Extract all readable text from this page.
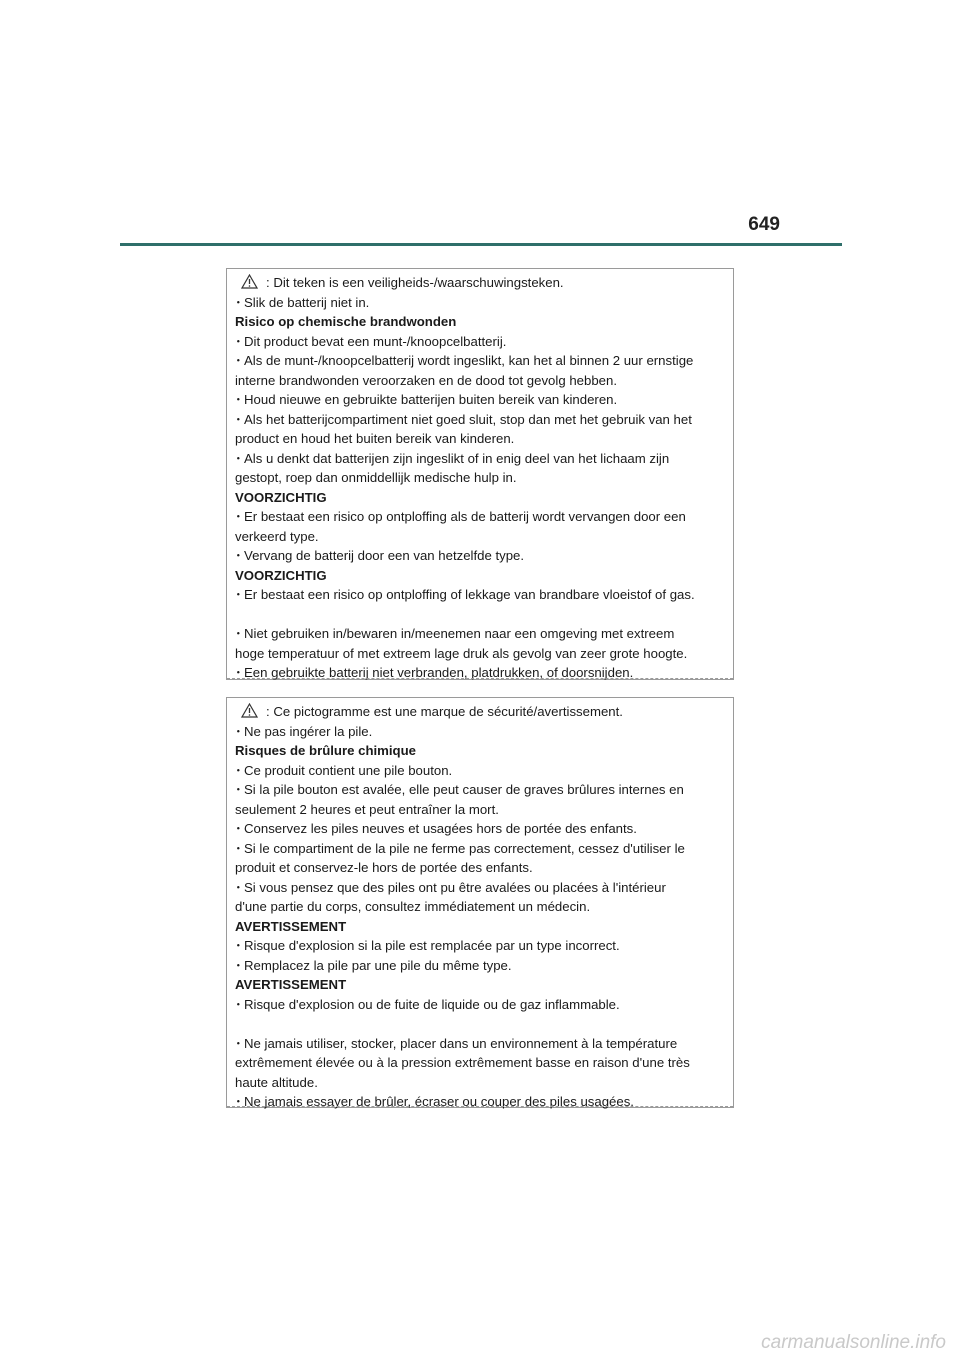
649
: Dit teken is een veiligheids-/waarschuwingsteken.
･ Slik de batterij niet in.
Risico op chemische brandwonden
･ Dit product bevat een munt-/knoopcelbatterij.
･ Als de munt-/knoopcelbatterij wordt ingeslikt, kan het al binnen 2 uur ernstige
interne brandwonden veroorzaken en de dood tot gevolg hebben.
･ Houd nieuwe en gebruikte batterijen buiten bereik van kinderen.
･ Als het batterijcompartiment niet goed sluit, stop dan met het gebruik van het
product en houd het buiten bereik van kinderen.
･ Als u denkt dat batterijen zijn ingeslikt of in enig deel van het lichaam zijn
gestopt, roep dan onmiddellijk medische hulp in.
VOORZICHTIG
･ Er bestaat een risico op ontploffing als de batterij wordt vervangen door een
verkeerd type.
･ Vervang de batterij door een van hetzelfde type.
VOORZICHTIG
･ Er bestaat een risico op ontploffing of lekkage van brandbare vloeistof of gas.
･ Niet gebruiken in/bewaren in/meenemen naar een omgeving met extreem
hoge temperatuur of met extreem lage druk als gevolg van zeer grote hoogte.
･ Een gebruikte batterij niet verbranden, platdrukken, of doorsnijden.
: Ce pictogramme est une marque de sécurité/avertissement.
･ Ne pas ingérer la pile.
Risques de brûlure chimique
･ Ce produit contient une pile bouton.
･ Si la pile bouton est avalée, elle peut causer de graves brûlures internes en
seulement 2 heures et peut entraîner la mort.
･ Conservez les piles neuves et usagées hors de portée des enfants.
･ Si le compartiment de la pile ne ferme pas correctement, cessez d'utiliser le
produit et conservez-le hors de portée des enfants.
･ Si vous pensez que des piles ont pu être avalées ou placées à l'intérieur
d'une partie du corps, consultez immédiatement un médecin.
AVERTISSEMENT
･ Risque d'explosion si la pile est remplacée par un type incorrect.
･ Remplacez la pile par une pile du même type.
AVERTISSEMENT
･ Risque d'explosion ou de fuite de liquide ou de gaz inflammable.
･ Ne jamais utiliser, stocker, placer dans un environnement à la température
extrêmement élevée ou à la pression extrêmement basse en raison d'une très
haute altitude.
･ Ne jamais essayer de brûler, écraser ou couper des piles usagées.
carmanualsonline.info
